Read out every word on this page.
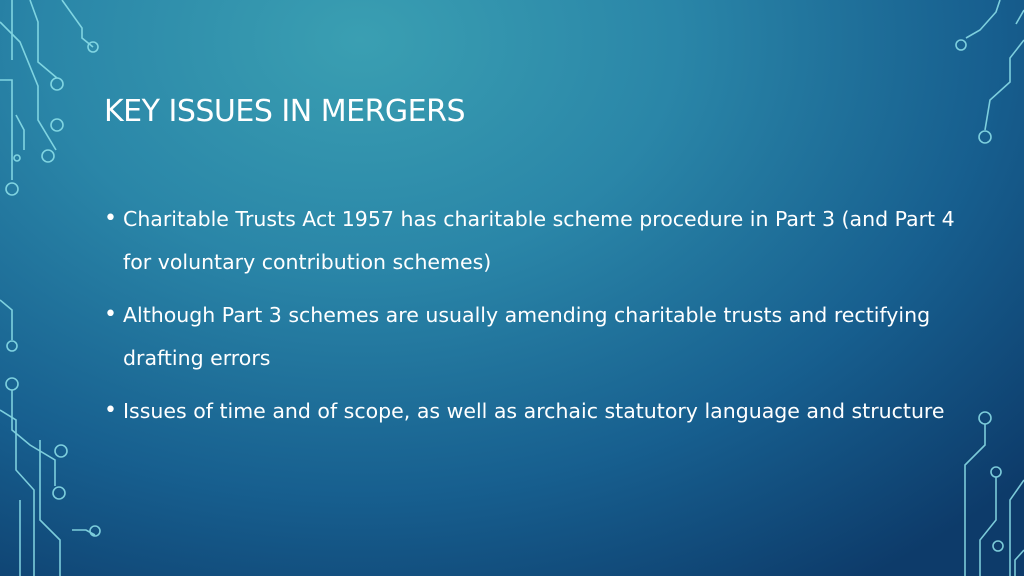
KEY ISSUES IN MERGERS
• Charitable Trusts Act 1957 has charitable scheme procedure in Part 3 (and Part 4 for voluntary contribution schemes)
• Although Part 3 schemes are usually amending charitable trusts and rectifying drafting errors
• Issues of time and of scope, as well as archaic statutory language and structure
